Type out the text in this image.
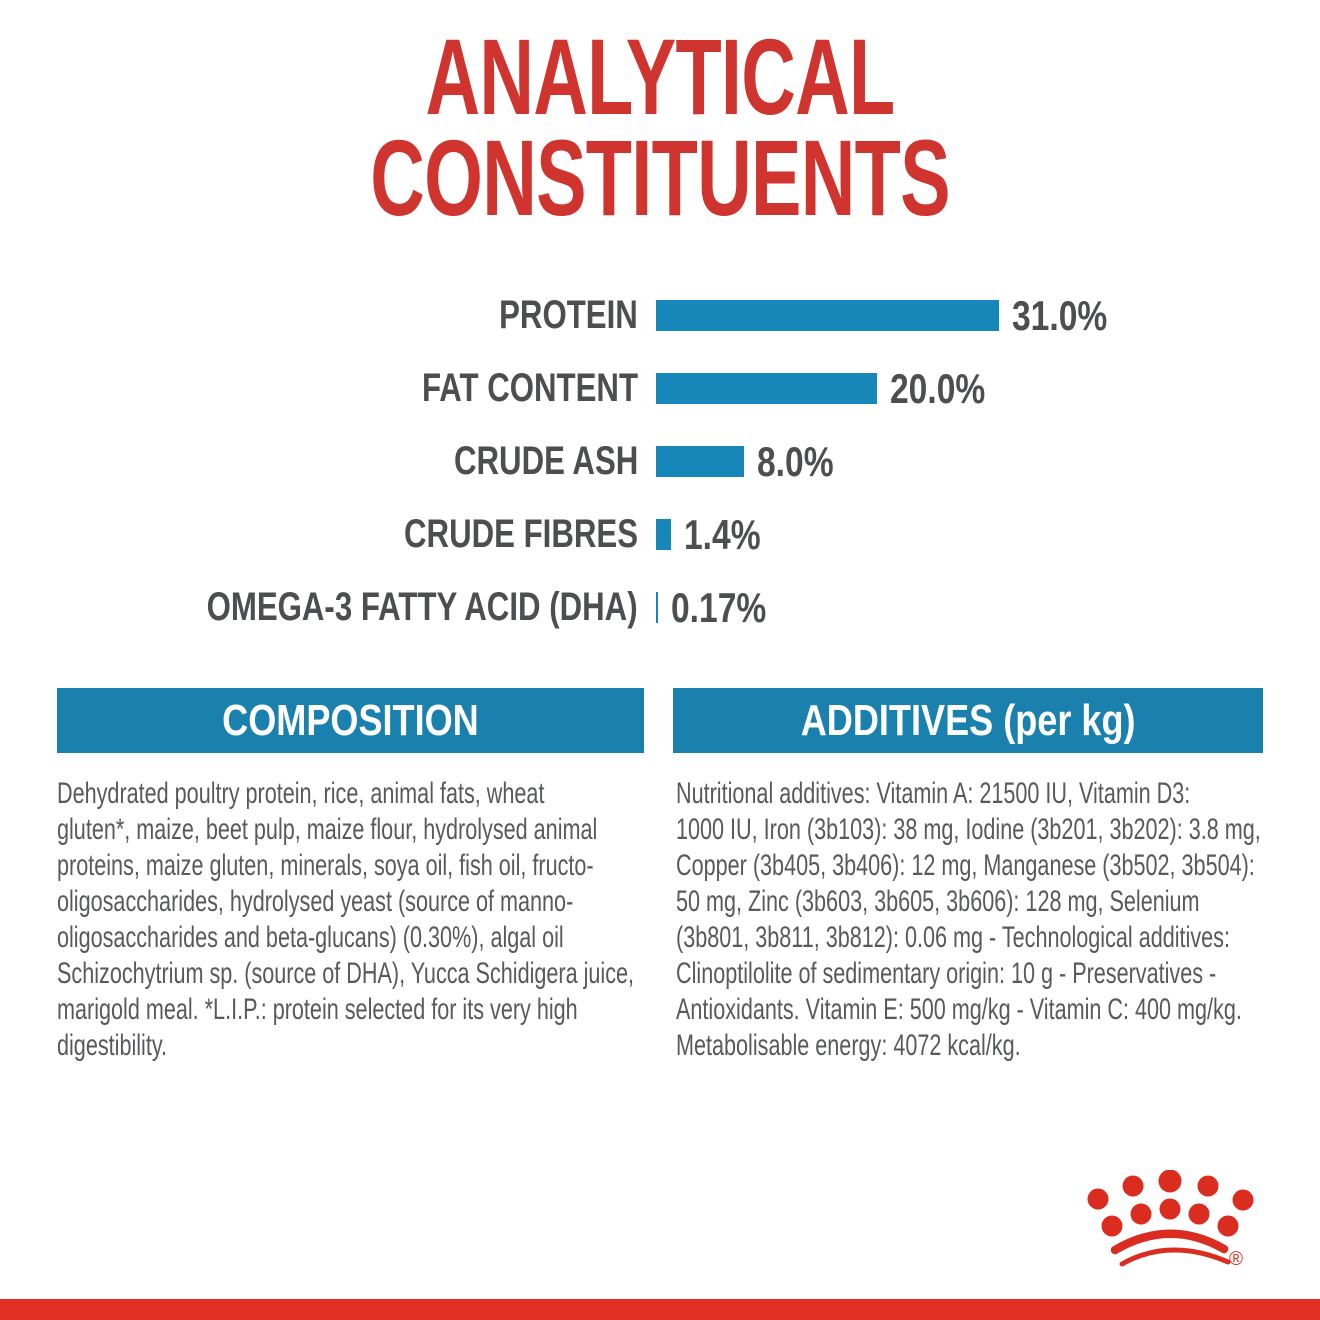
ANALYTICAL
CONSTITUENTS
PROTEIN	31.0%
FAT CONTENT	20.0%
CRUDE ASH	8.0%
CRUDE FIBRES 1.4%
OMEGA-3 FATTY ACID (DHA) 0.17%
COMPOSITION	ADDITIVES (per kg)
Dehydrated poultry protein, rice, animal fats, wheat
gluten*, maize, beet pulp, maize flour, hydrolysed animal
proteins, maize gluten, minerals, soya oil, fish oil, fructo-
oligosaccharides, hydrolysed yeast (source of manno-
oligosaccharides and beta-glucans) (0.30%), algal oil
Schizochytrium sp. (source of DHA), Yucca Schidigera juice,
marigold meal. *L.I.P.: protein selected for its very high
digestibility.
Nutritional additives: Vitamin A: 21500 IU, Vitamin D3:
1000 IU, Iron (3b103): 38 mg, Iodine (3b201, 3b202): 3.8 mg,
Copper (3b405, 3b406): 12 mg, Manganese (3b502, 3b504):
50 mg, Zinc (3b603, 3b605, 3b606): 128 mg, Selenium
(3b801, 3b811, 3b812): 0.06 mg - Technological additives:
Clinoptilolite of sedimentary origin: 10 g - Preservatives -
Antioxidants. Vitamin E: 500 mg/kg - Vitamin C: 400 mg/kg.
Metabolisable energy: 4072 kcal/kg.
®
